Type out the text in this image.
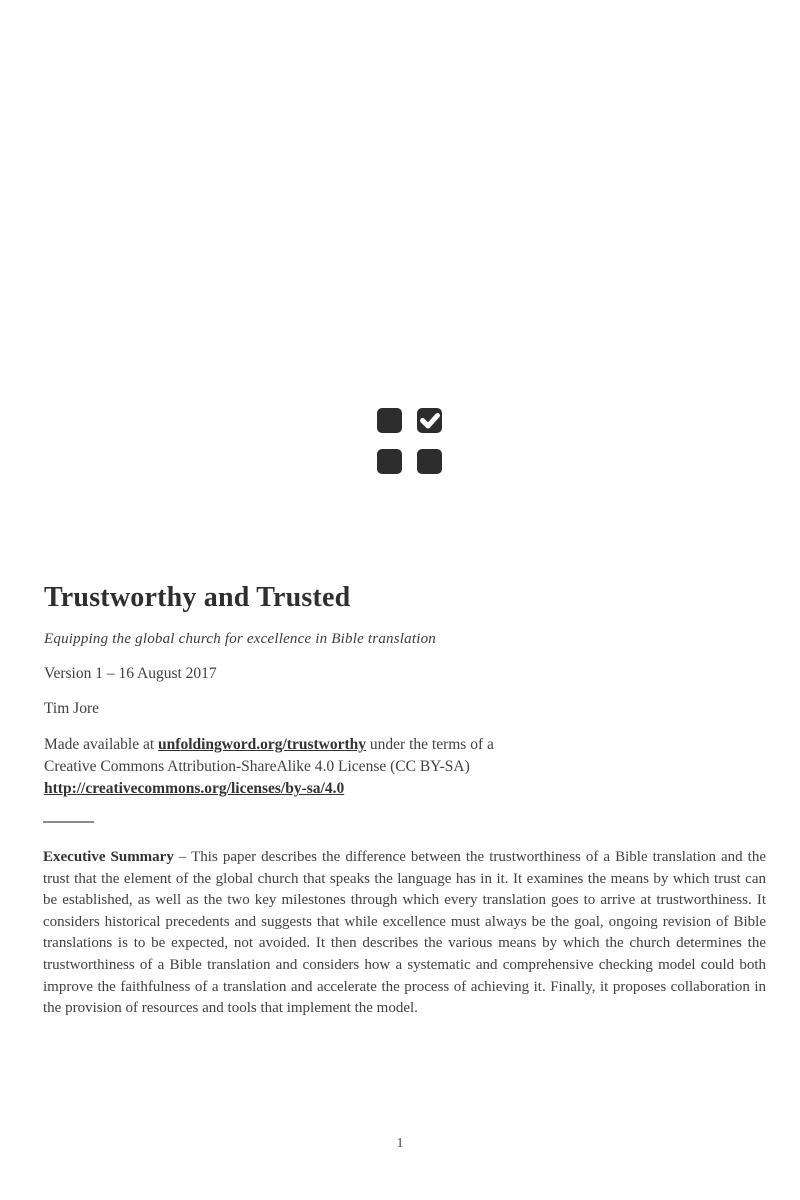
Trustworthy and Trusted
Equipping the global church for excellence in Bible translation
Version 1 – 16 August 2017
Tim Jore
Made available at unfoldingword.org/trustworthy under the terms of a
Creative Commons Attribution-ShareAlike 4.0 License (CC BY-SA)
http://creativecommons.org/licenses/by-sa/4.0

Executive Summary – This paper describes the difference between the trustworthiness of a Bible translation and the trust that the element of the global church that speaks the language has in it. It examines the means by which trust can be established, as well as the two key milestones through which every translation goes to arrive at trustworthiness. It considers historical precedents and suggests that while excellence must always be the goal, ongoing revision of Bible translations is to be expected, not avoided. It then describes the various means by which the church determines the trustworthiness of a Bible translation and considers how a systematic and comprehensive checking model could both improve the faithfulness of a translation and accelerate the process of achieving it. Finally, it proposes collaboration in the provision of resources and tools that implement the model.

1
